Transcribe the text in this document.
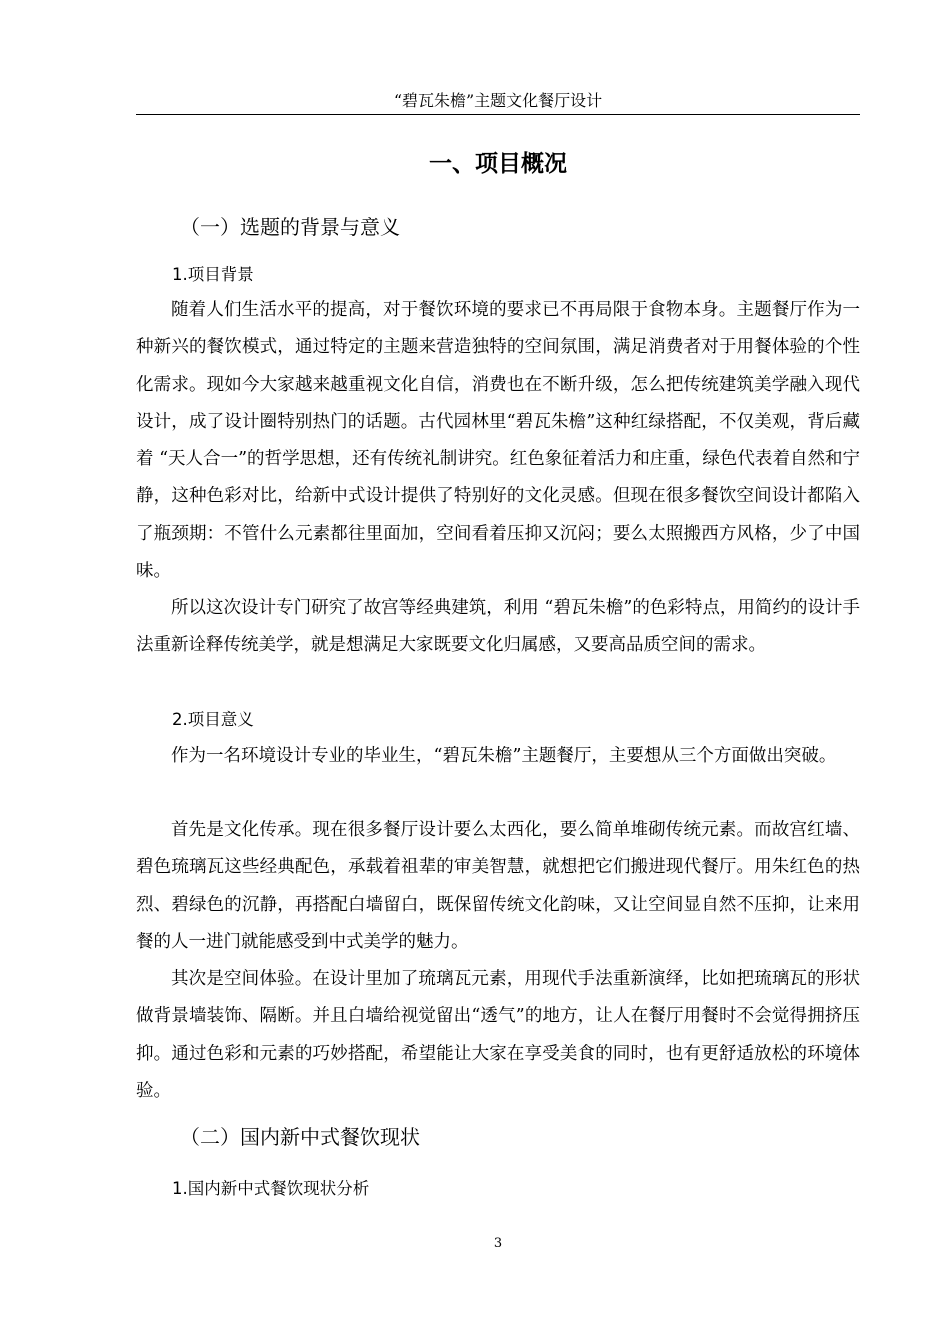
“碧瓦朱檐”主题文化餐厅设计
一、项目概况
（一）选题的背景与意义
1.项目背景

随着人们生活水平的提高，对于餐饮环境的要求已不再局限于食物本身。主题餐厅作为一种新兴的餐饮模式，通过特定的主题来营造独特的空间氛围，满足消费者对于用餐体验的个性化需求。现如今大家越来越重视文化自信，消费也在不断升级，怎么把传统建筑美学融入现代设计，成了设计圈特别热门的话题。古代园林里“碧瓦朱檐”这种红绿搭配，不仅美观，背后藏着 “天人合一”的哲学思想，还有传统礼制讲究。红色象征着活力和庄重，绿色代表着自然和宁静，这种色彩对比，给新中式设计提供了特别好的文化灵感。但现在很多餐饮空间设计都陷入了瓶颈期：不管什么元素都往里面加，空间看着压抑又沉闷；要么太照搬西方风格，少了中国味。

所以这次设计专门研究了故宫等经典建筑，利用 “碧瓦朱檐”的色彩特点，用简约的设计手法重新诠释传统美学，就是想满足大家既要文化归属感，又要高品质空间的需求。

2.项目意义

作为一名环境设计专业的毕业生，“碧瓦朱檐”主题餐厅，主要想从三个方面做出突破。

首先是文化传承。现在很多餐厅设计要么太西化，要么简单堆砌传统元素。而故宫红墙、碧色琉璃瓦这些经典配色，承载着祖辈的审美智慧，就想把它们搬进现代餐厅。用朱红色的热烈、碧绿色的沉静，再搭配白墙留白，既保留传统文化韵味，又让空间显自然不压抑，让来用餐的人一进门就能感受到中式美学的魅力。

其次是空间体验。在设计里加了琉璃瓦元素，用现代手法重新演绎，比如把琉璃瓦的形状做背景墙装饰、隔断。并且白墙给视觉留出“透气”的地方，让人在餐厅用餐时不会觉得拥挤压抑。通过色彩和元素的巧妙搭配，希望能让大家在享受美食的同时，也有更舒适放松的环境体验。

（二）国内新中式餐饮现状
1.国内新中式餐饮现状分析
3
